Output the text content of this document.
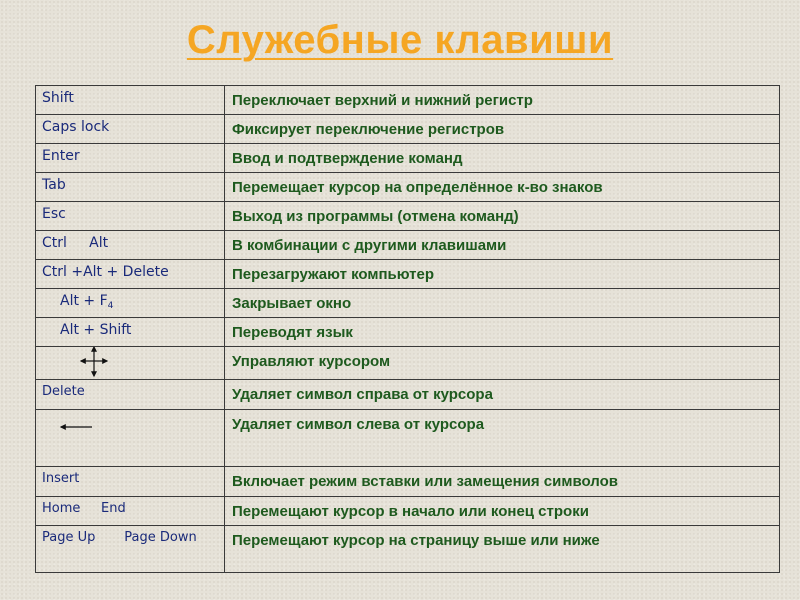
Служебные клавиши
Shift	Переключает верхний и нижний регистр
Caps lock	Фиксирует переключение регистров
Enter	Ввод и подтверждение команд
Tab	Перемещает курсор на определённое к-во знаков
Esc	Выход из программы (отмена команд)
Ctrl     Alt	В комбинации с другими клавишами
Ctrl +Alt + Delete	Перезагружают компьютер
Alt + $F_4$	Закрывает окно
Alt + Shift	Переводят язык

	Управляют курсором
Delete	Удаляет символ справа от курсора

	Удаляет символ слева от курсора
Insert	Включает режим вставки или замещения символов
Home     End	Перемещают курсор в начало или конец строки
Page Up       Page Down	Перемещают курсор на страницу выше или ниже
